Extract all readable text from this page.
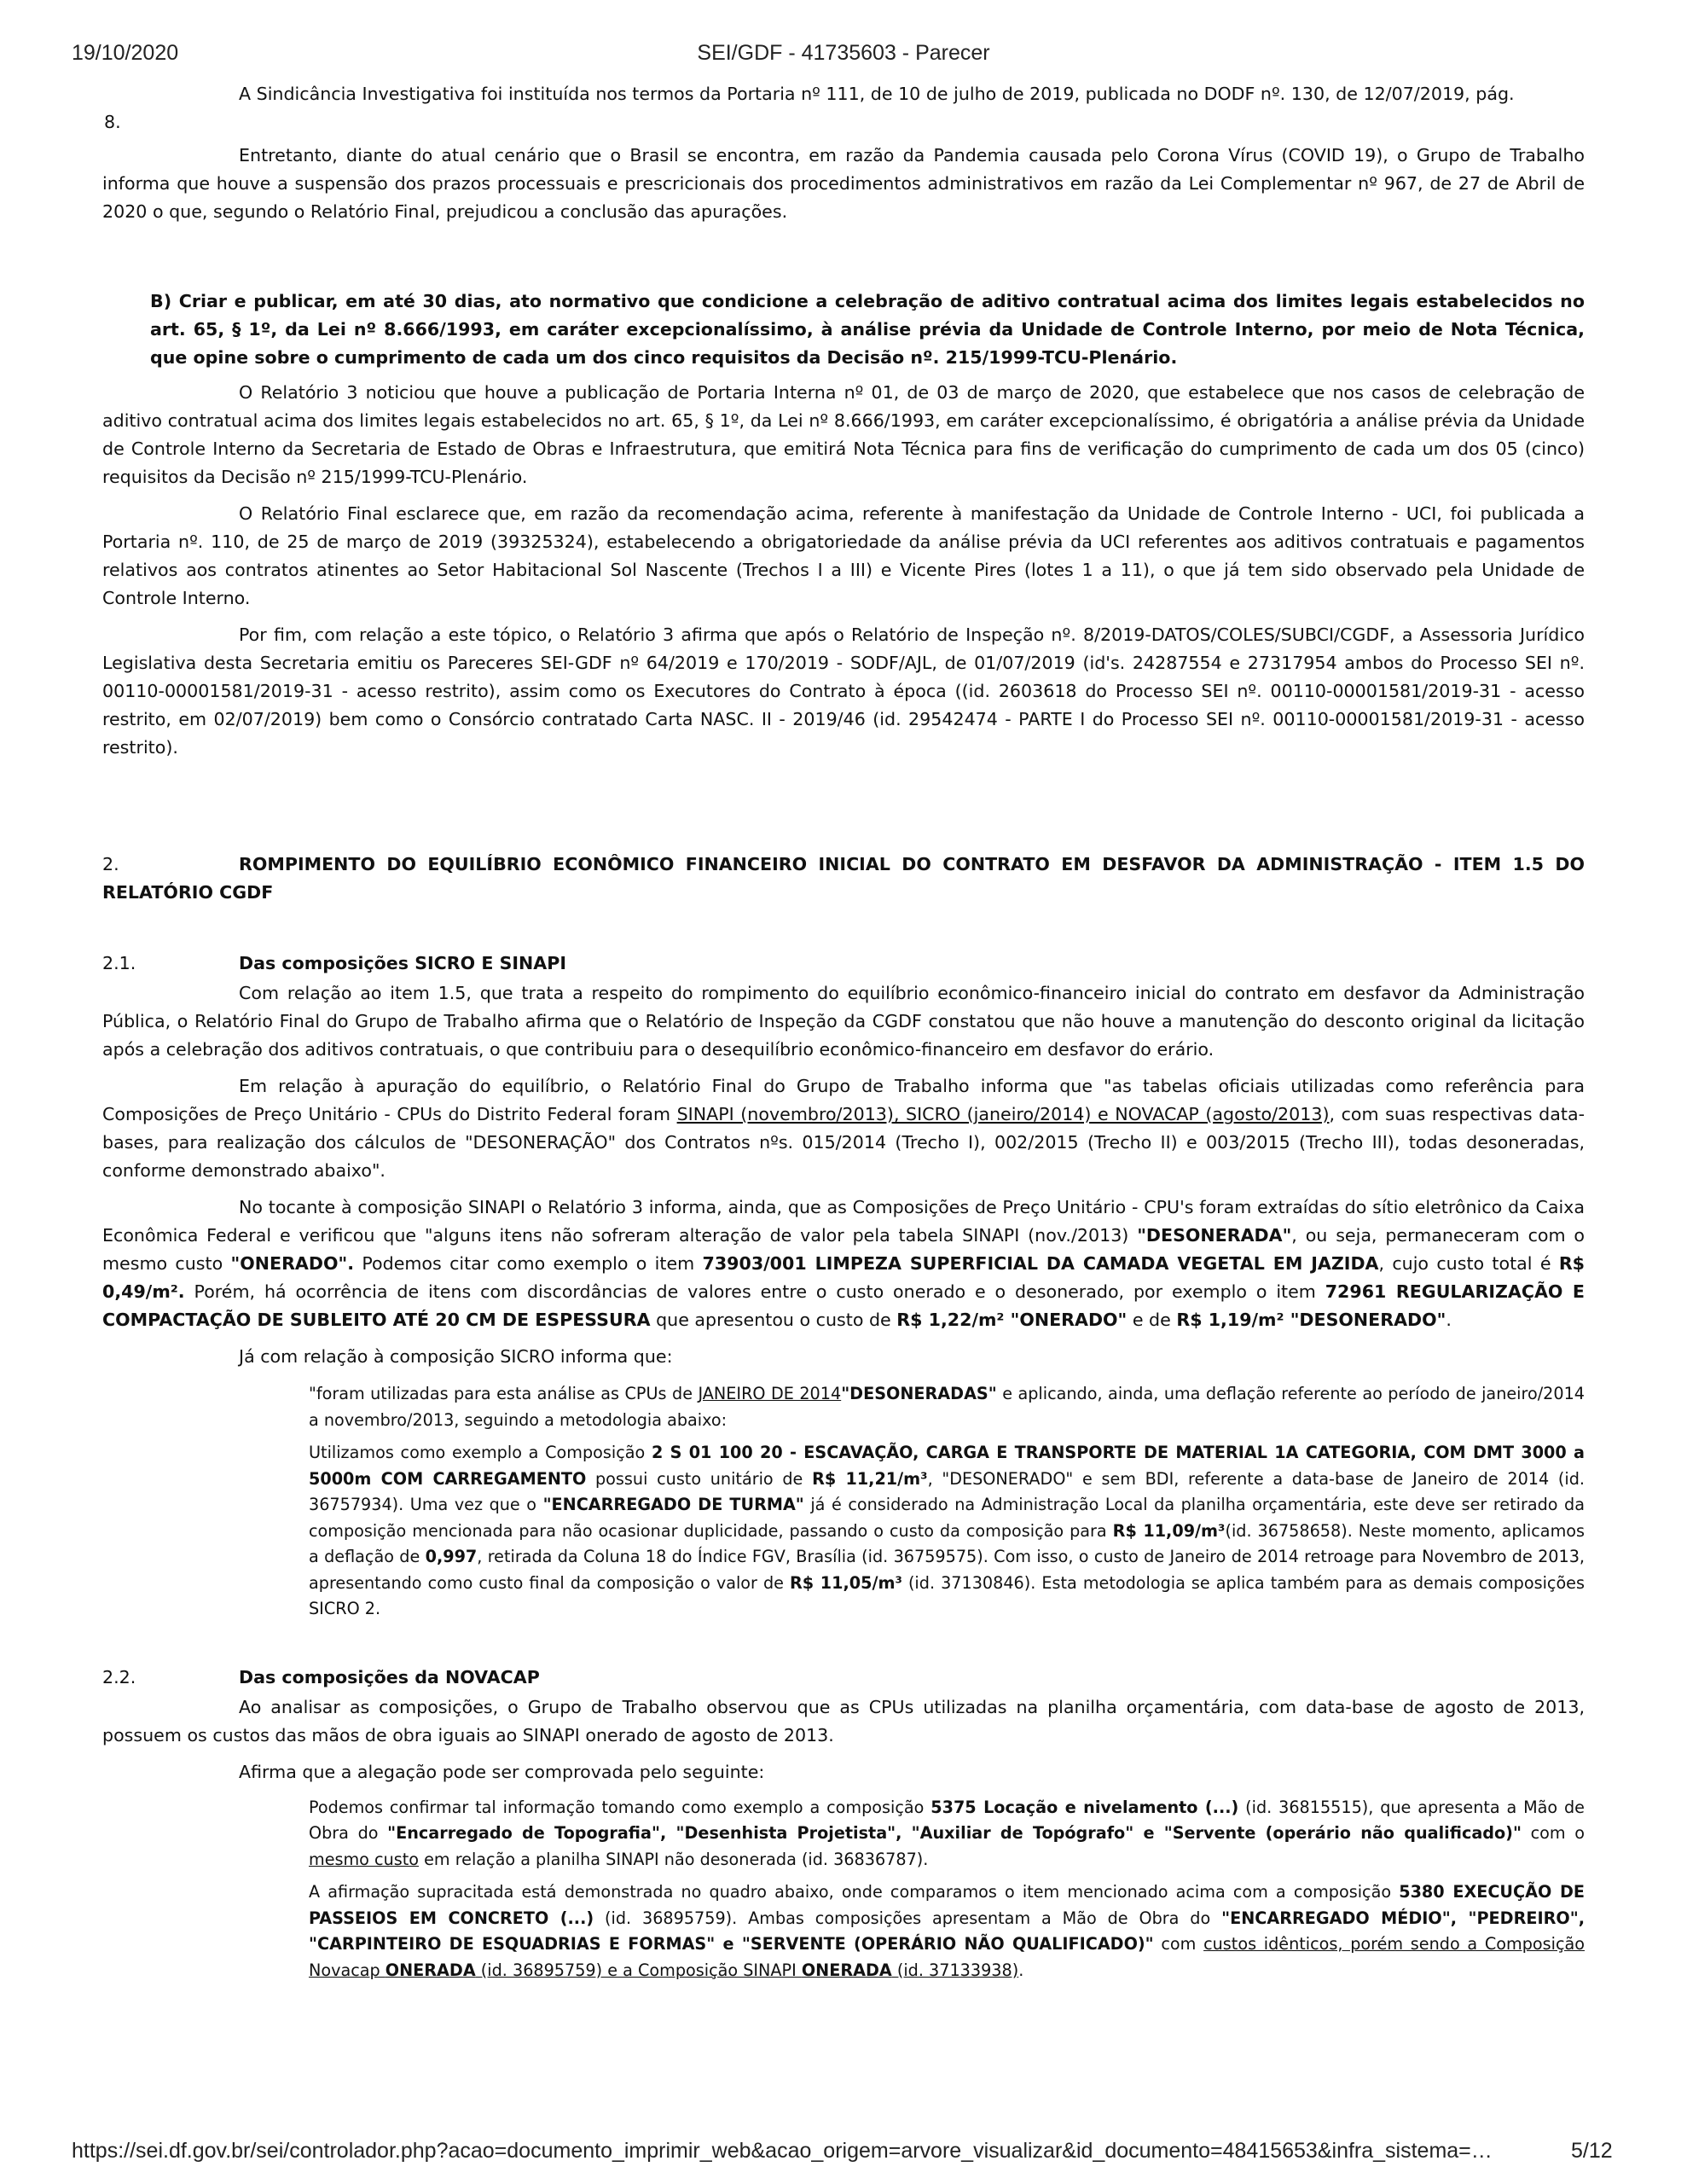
19/10/2020	SEI/GDF - 41735603 - Parecer

A Sindicância Investigativa foi instituída nos termos da Portaria nº 111, de 10 de julho de 2019, publicada no DODF nº. 130, de 12/07/2019, pág.

8.

Entretanto, diante do atual cenário que o Brasil se encontra, em razão da Pandemia causada pelo Corona Vírus (COVID 19), o Grupo de Trabalho informa que houve a suspensão dos prazos processuais e prescricionais dos procedimentos administrativos em razão da Lei Complementar nº 967, de 27 de Abril de 2020 o que, segundo o Relatório Final, prejudicou a conclusão das apurações.

B) Criar e publicar, em até 30 dias, ato normativo que condicione a celebração de aditivo contratual acima dos limites legais estabelecidos no art. 65, § 1º, da Lei nº 8.666/1993, em caráter excepcionalíssimo, à análise prévia da Unidade de Controle Interno, por meio de Nota Técnica, que opine sobre o cumprimento de cada um dos cinco requisitos da Decisão nº. 215/1999-TCU-Plenário.

O Relatório 3 noticiou que houve a publicação de Portaria Interna nº 01, de 03 de março de 2020, que estabelece que nos casos de celebração de aditivo contratual acima dos limites legais estabelecidos no art. 65, § 1º, da Lei nº 8.666/1993, em caráter excepcionalíssimo, é obrigatória a análise prévia da Unidade de Controle Interno da Secretaria de Estado de Obras e Infraestrutura, que emitirá Nota Técnica para fins de verificação do cumprimento de cada um dos 05 (cinco) requisitos da Decisão nº 215/1999-TCU-Plenário.

O Relatório Final esclarece que, em razão da recomendação acima, referente à manifestação da Unidade de Controle Interno - UCI, foi publicada a Portaria nº. 110, de 25 de março de 2019 (39325324), estabelecendo a obrigatoriedade da análise prévia da UCI referentes aos aditivos contratuais e pagamentos relativos aos contratos atinentes ao Setor Habitacional Sol Nascente (Trechos I a III) e Vicente Pires (lotes 1 a 11), o que já tem sido observado pela Unidade de Controle Interno.

Por fim, com relação a este tópico, o Relatório 3 afirma que após o Relatório de Inspeção nº. 8/2019-DATOS/COLES/SUBCI/CGDF, a Assessoria Jurídico Legislativa desta Secretaria emitiu os Pareceres SEI-GDF nº 64/2019 e 170/2019 - SODF/AJL, de 01/07/2019 (id's. 24287554 e 27317954 ambos do Processo SEI nº. 00110-00001581/2019-31 - acesso restrito), assim como os Executores do Contrato à época ((id. 2603618 do Processo SEI nº. 00110-00001581/2019-31 - acesso restrito, em 02/07/2019) bem como o Consórcio contratado Carta NASC. II - 2019/46 (id. 29542474 - PARTE I do Processo SEI nº. 00110-00001581/2019-31 - acesso restrito).

2.	ROMPIMENTO DO EQUILÍBRIO ECONÔMICO FINANCEIRO INICIAL DO CONTRATO EM DESFAVOR DA ADMINISTRAÇÃO - ITEM 1.5 DO RELATÓRIO CGDF

2.1.	Das composições SICRO E SINAPI

Com relação ao item 1.5, que trata a respeito do rompimento do equilíbrio econômico-financeiro inicial do contrato em desfavor da Administração Pública, o Relatório Final do Grupo de Trabalho afirma que o Relatório de Inspeção da CGDF constatou que não houve a manutenção do desconto original da licitação após a celebração dos aditivos contratuais, o que contribuiu para o desequilíbrio econômico-financeiro em desfavor do erário.

Em relação à apuração do equilíbrio, o Relatório Final do Grupo de Trabalho informa que "as tabelas oficiais utilizadas como referência para Composições de Preço Unitário - CPUs do Distrito Federal foram SINAPI (novembro/2013), SICRO (janeiro/2014) e NOVACAP (agosto/2013), com suas respectivas data-bases, para realização dos cálculos de "DESONERAÇÃO" dos Contratos nºs. 015/2014 (Trecho I), 002/2015 (Trecho II) e 003/2015 (Trecho III), todas desoneradas, conforme demonstrado abaixo".

No tocante à composição SINAPI o Relatório 3 informa, ainda, que as Composições de Preço Unitário - CPU's foram extraídas do sítio eletrônico da Caixa Econômica Federal e verificou que "alguns itens não sofreram alteração de valor pela tabela SINAPI (nov./2013) "DESONERADA", ou seja, permaneceram com o mesmo custo "ONERADO". Podemos citar como exemplo o item 73903/001 LIMPEZA SUPERFICIAL DA CAMADA VEGETAL EM JAZIDA, cujo custo total é R$ 0,49/m². Porém, há ocorrência de itens com discordâncias de valores entre o custo onerado e o desonerado, por exemplo o item 72961 REGULARIZAÇÃO E COMPACTAÇÃO DE SUBLEITO ATÉ 20 CM DE ESPESSURA que apresentou o custo de R$ 1,22/m² "ONERADO" e de R$ 1,19/m² "DESONERADO".

Já com relação à composição SICRO informa que:

"foram utilizadas para esta análise as CPUs de JANEIRO DE 2014"DESONERADAS" e aplicando, ainda, uma deflação referente ao período de janeiro/2014 a novembro/2013, seguindo a metodologia abaixo:

Utilizamos como exemplo a Composição 2 S 01 100 20 - ESCAVAÇÃO, CARGA E TRANSPORTE DE MATERIAL 1A CATEGORIA, COM DMT 3000 a 5000m COM CARREGAMENTO possui custo unitário de R$ 11,21/m³, "DESONERADO" e sem BDI, referente a data-base de Janeiro de 2014 (id. 36757934). Uma vez que o "ENCARREGADO DE TURMA" já é considerado na Administração Local da planilha orçamentária, este deve ser retirado da composição mencionada para não ocasionar duplicidade, passando o custo da composição para R$ 11,09/m³(id. 36758658). Neste momento, aplicamos a deflação de 0,997, retirada da Coluna 18 do Índice FGV, Brasília (id. 36759575). Com isso, o custo de Janeiro de 2014 retroage para Novembro de 2013, apresentando como custo final da composição o valor de R$ 11,05/m³ (id. 37130846). Esta metodologia se aplica também para as demais composições SICRO 2.

2.2.	Das composições da NOVACAP

Ao analisar as composições, o Grupo de Trabalho observou que as CPUs utilizadas na planilha orçamentária, com data-base de agosto de 2013, possuem os custos das mãos de obra iguais ao SINAPI onerado de agosto de 2013.

Afirma que a alegação pode ser comprovada pelo seguinte:

Podemos confirmar tal informação tomando como exemplo a composição 5375 Locação e nivelamento (...) (id. 36815515), que apresenta a Mão de Obra do "Encarregado de Topografia", "Desenhista Projetista", "Auxiliar de Topógrafo" e "Servente (operário não qualificado)" com o mesmo custo em relação a planilha SINAPI não desonerada (id. 36836787).

A afirmação supracitada está demonstrada no quadro abaixo, onde comparamos o item mencionado acima com a composição 5380 EXECUÇÃO DE PASSEIOS EM CONCRETO (...) (id. 36895759). Ambas composições apresentam a Mão de Obra do "ENCARREGADO MÉDIO", "PEDREIRO", "CARPINTEIRO DE ESQUADRIAS E FORMAS" e "SERVENTE (OPERÁRIO NÃO QUALIFICADO)" com custos idênticos, porém sendo a Composição Novacap ONERADA (id. 36895759) e a Composição SINAPI ONERADA (id. 37133938).

https://sei.df.gov.br/sei/controlador.php?acao=documento_imprimir_web&acao_origem=arvore_visualizar&id_documento=48415653&infra_sistema=…	5/12
